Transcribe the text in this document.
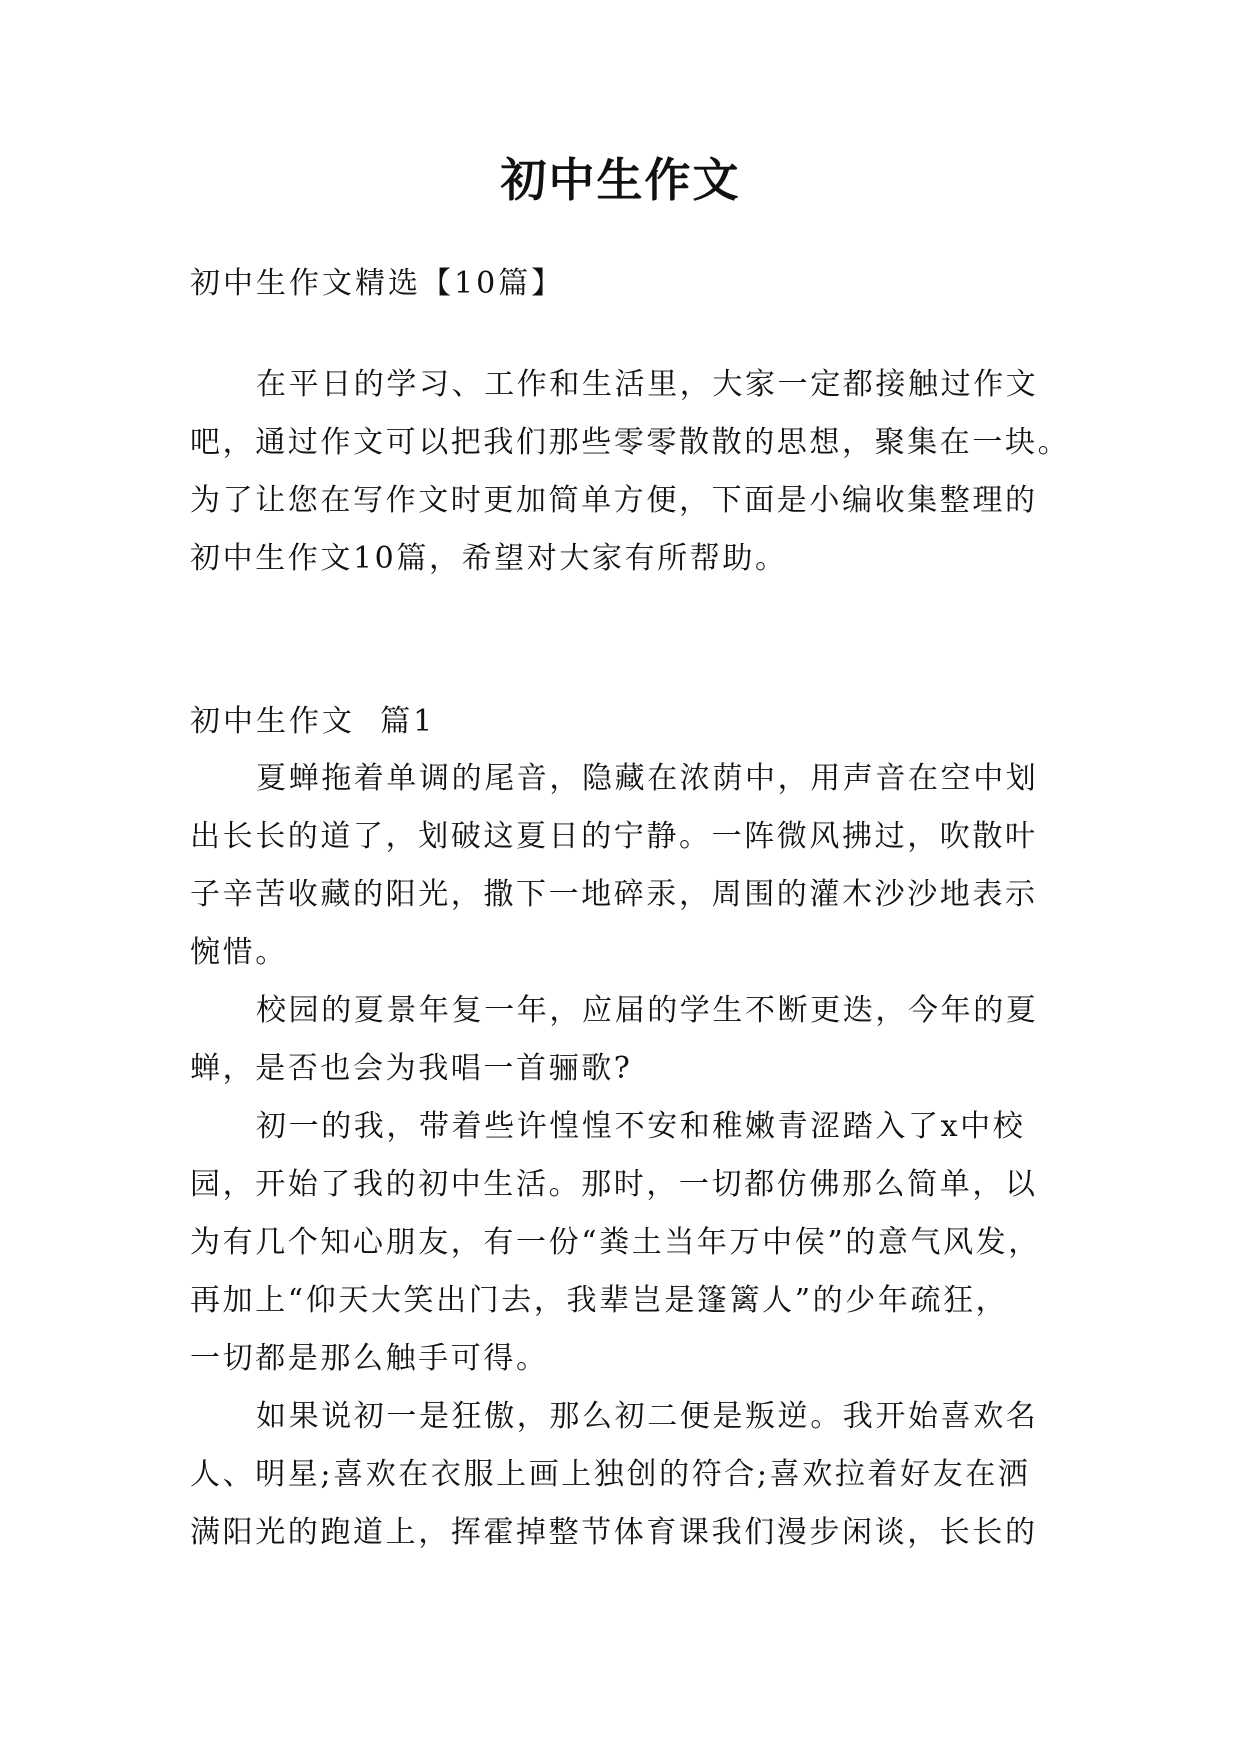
初中生作文
初中生作文精选【10篇】
在平日的学习、工作和生活里，大家一定都接触过作文
吧，通过作文可以把我们那些零零散散的思想，聚集在一块。
为了让您在写作文时更加简单方便，下面是小编收集整理的
初中生作文10篇，希望对大家有所帮助。
初中生作文  篇1
夏蝉拖着单调的尾音，隐藏在浓荫中，用声音在空中划
出长长的道了，划破这夏日的宁静。一阵微风拂过，吹散叶
子辛苦收藏的阳光，撒下一地碎汞，周围的灌木沙沙地表示
惋惜。
校园的夏景年复一年，应届的学生不断更迭，今年的夏
蝉，是否也会为我唱一首骊歌?
初一的我，带着些许惶惶不安和稚嫩青涩踏入了x中校
园，开始了我的初中生活。那时，一切都仿佛那么简单，以
为有几个知心朋友，有一份“粪土当年万中侯”的意气风发，
再加上“仰天大笑出门去，我辈岂是篷篱人”的少年疏狂，
一切都是那么触手可得。
如果说初一是狂傲，那么初二便是叛逆。我开始喜欢名
人、明星;喜欢在衣服上画上独创的符合;喜欢拉着好友在洒
满阳光的跑道上，挥霍掉整节体育课我们漫步闲谈，长长的
